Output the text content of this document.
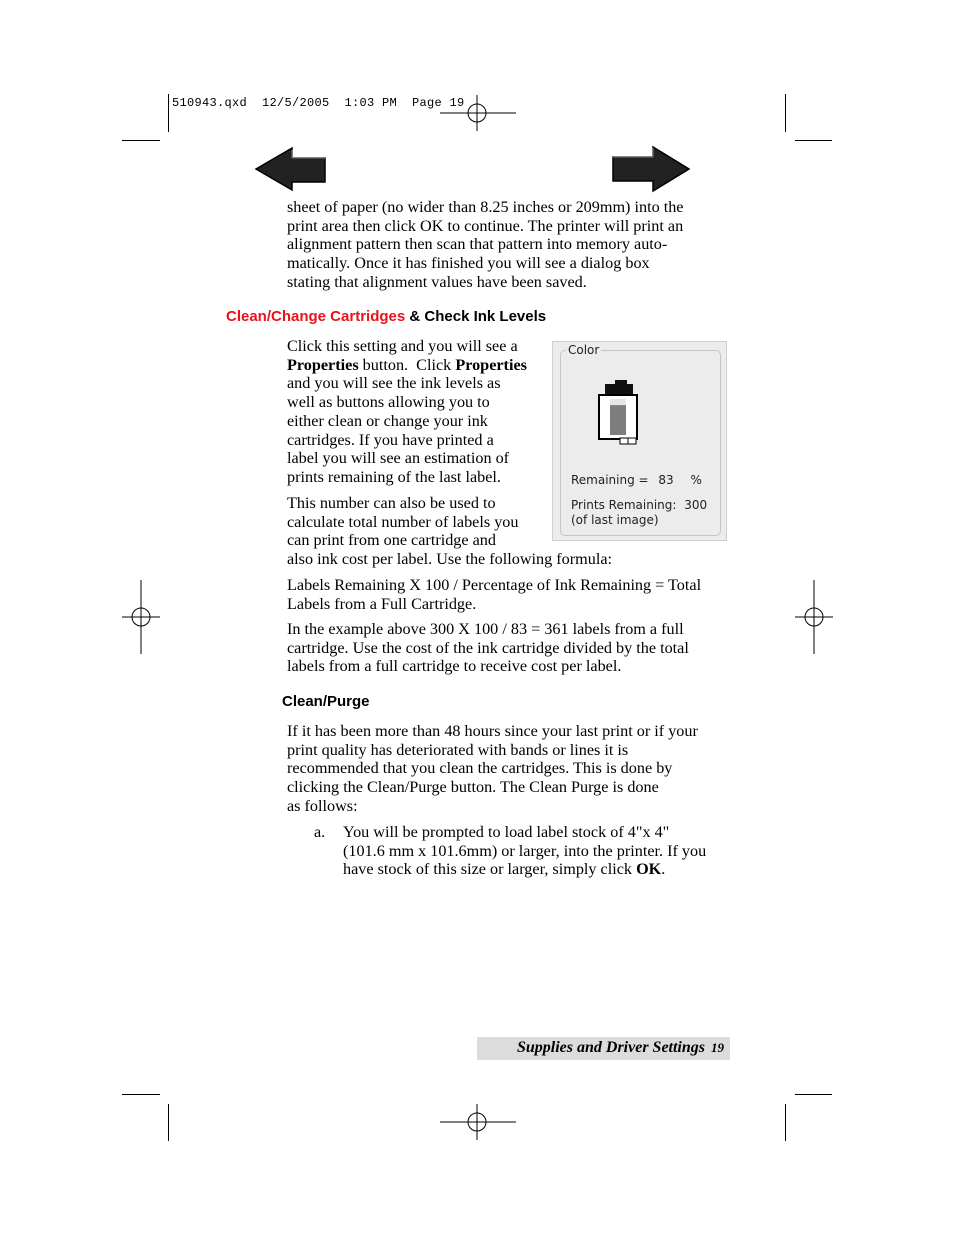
510943.qxd  12/5/2005  1:03 PM  Page 19
sheet of paper (no wider than 8.25 inches or 209mm) into the
print area then click OK to continue. The printer will print an
alignment pattern then scan that pattern into memory auto-
matically. Once it has finished you will see a dialog box
stating that alignment values have been saved.
Clean/Change Cartridges & Check Ink Levels
Click this setting and you will see a
Properties button.  Click Properties
and you will see the ink levels as
well as buttons allowing you to
either clean or change your ink
cartridges. If you have printed a
label you will see an estimation of
prints remaining of the last label.
This number can also be used to
calculate total number of labels you
can print from one cartridge and
also ink cost per label. Use the following formula:
Labels Remaining X 100 / Percentage of Ink Remaining = Total
Labels from a Full Cartridge.
In the example above 300 X 100 / 83 = 361 labels from a full
cartridge. Use the cost of the ink cartridge divided by the total
labels from a full cartridge to receive cost per label.
Color
Remaining = 83 %
Prints Remaining: 300
(of last image)
Clean/Purge
If it has been more than 48 hours since your last print or if your
print quality has deteriorated with bands or lines it is
recommended that you clean the cartridges. This is done by
clicking the Clean/Purge button. The Clean Purge is done
as follows:
a. You will be prompted to load label stock of 4"x 4"
(101.6 mm x 101.6mm) or larger, into the printer. If you
have stock of this size or larger, simply click OK.
Supplies and Driver Settings 19
